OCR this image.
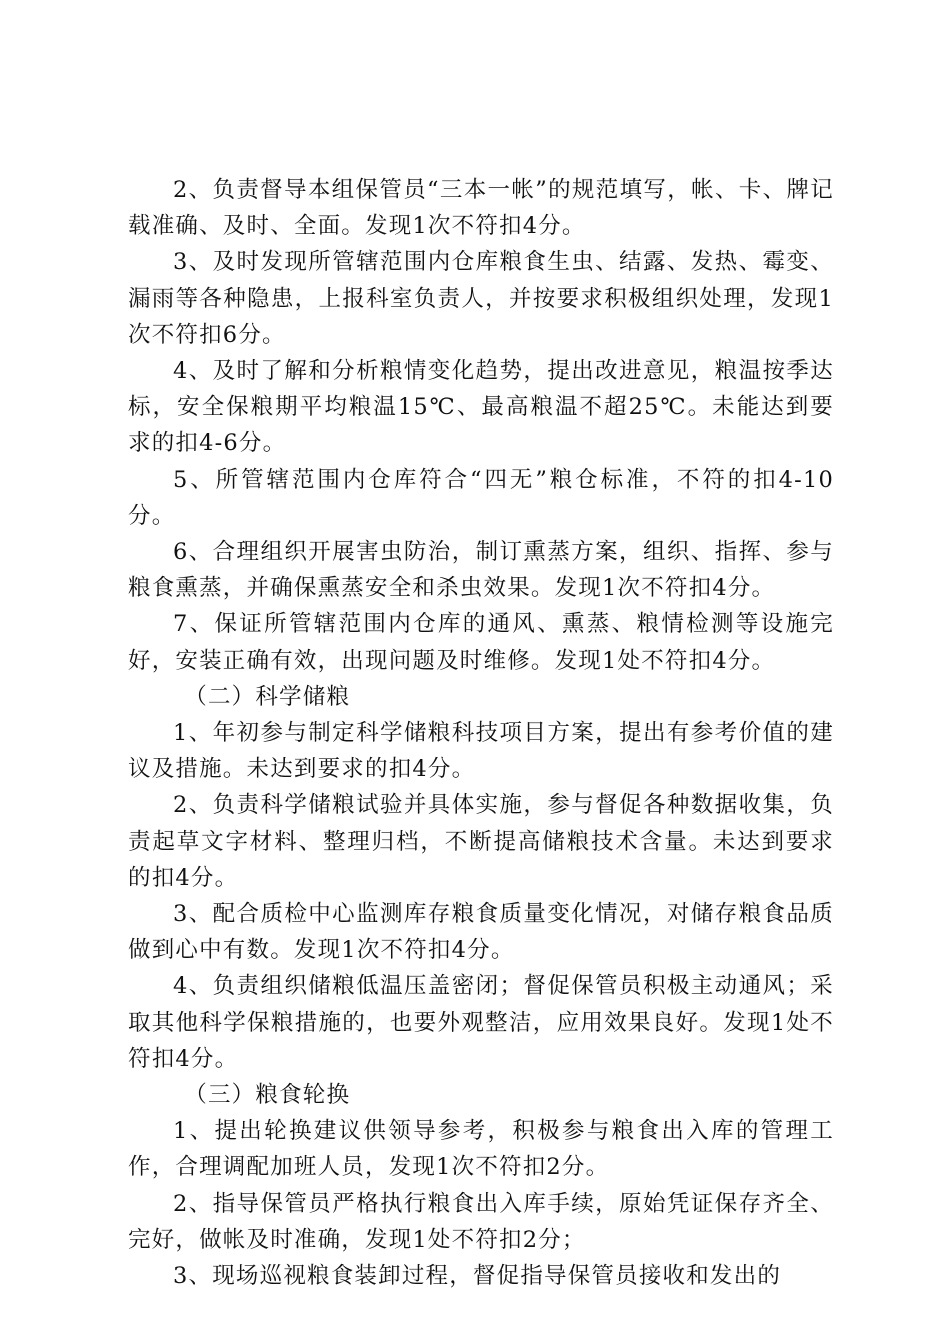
2、负责督导本组保管员“三本一帐”的规范填写，帐、卡、牌记载准确、及时、全面。发现1次不符扣4分。

3、及时发现所管辖范围内仓库粮食生虫、结露、发热、霉变、漏雨等各种隐患，上报科室负责人，并按要求积极组织处理，发现1次不符扣6分。

4、及时了解和分析粮情变化趋势，提出改进意见，粮温按季达标，安全保粮期平均粮温15℃、最高粮温不超25℃。未能达到要求的扣4-6分。

5、所管辖范围内仓库符合“四无”粮仓标准，不符的扣4-10分。

6、合理组织开展害虫防治，制订熏蒸方案，组织、指挥、参与粮食熏蒸，并确保熏蒸安全和杀虫效果。发现1次不符扣4分。

7、保证所管辖范围内仓库的通风、熏蒸、粮情检测等设施完好，安装正确有效，出现问题及时维修。发现1处不符扣4分。

（二）科学储粮

1、年初参与制定科学储粮科技项目方案，提出有参考价值的建议及措施。未达到要求的扣4分。

2、负责科学储粮试验并具体实施，参与督促各种数据收集，负责起草文字材料、整理归档，不断提高储粮技术含量。未达到要求的扣4分。

3、配合质检中心监测库存粮食质量变化情况，对储存粮食品质做到心中有数。发现1次不符扣4分。

4、负责组织储粮低温压盖密闭；督促保管员积极主动通风；采取其他科学保粮措施的，也要外观整洁，应用效果良好。发现1处不符扣4分。

（三）粮食轮换

1、提出轮换建议供领导参考，积极参与粮食出入库的管理工作，合理调配加班人员，发现1次不符扣2分。

2、指导保管员严格执行粮食出入库手续，原始凭证保存齐全、完好，做帐及时准确，发现1处不符扣2分；

3、现场巡视粮食装卸过程，督促指导保管员接收和发出的
